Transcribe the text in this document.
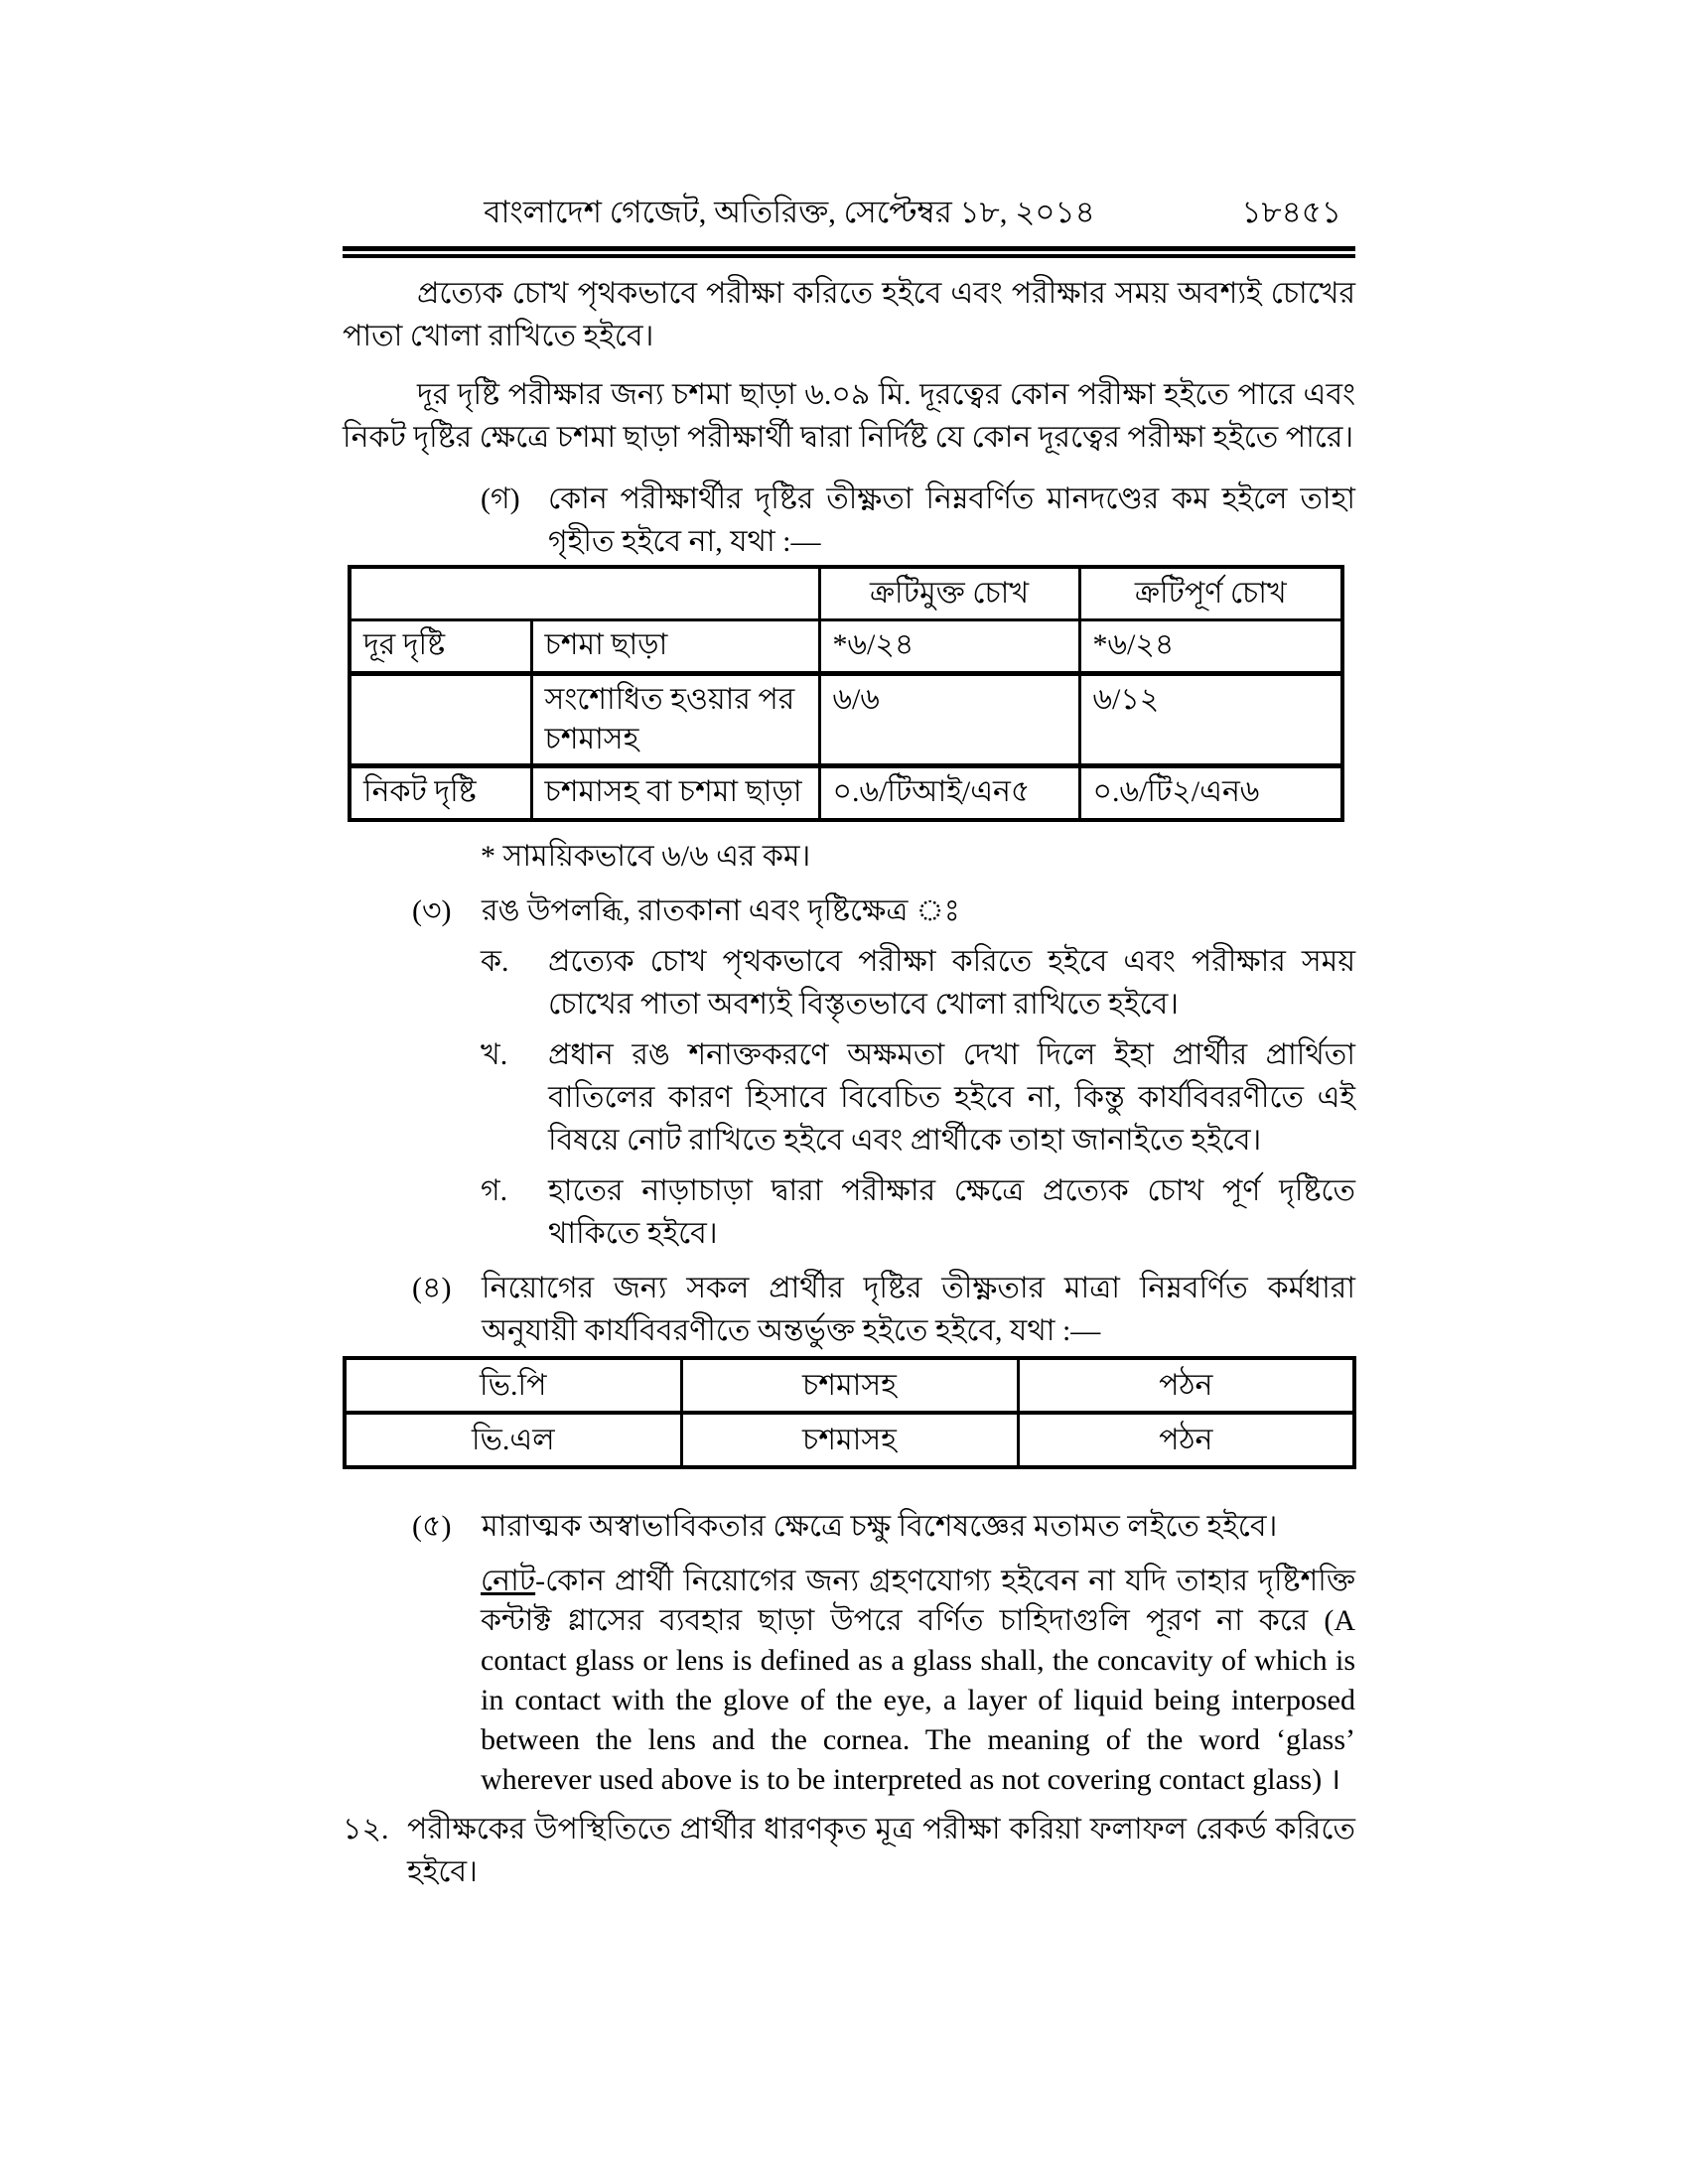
বাংলাদেশ গেজেট, অতিরিক্ত, সেপ্টেম্বর ১৮, ২০১৪	১৮৪৫১

প্রত্যেক চোখ পৃথকভাবে পরীক্ষা করিতে হইবে এবং পরীক্ষার সময় অবশ্যই চোখের পাতা খোলা রাখিতে হইবে।

দূর দৃষ্টি পরীক্ষার জন্য চশমা ছাড়া ৬.০৯ মি. দূরত্বের কোন পরীক্ষা হইতে পারে এবং নিকট দৃষ্টির ক্ষেত্রে চশমা ছাড়া পরীক্ষার্থী দ্বারা নির্দিষ্ট যে কোন দূরত্বের পরীক্ষা হইতে পারে।

(গ) কোন পরীক্ষার্থীর দৃষ্টির তীক্ষ্ণতা নিম্নবর্ণিত মানদণ্ডের কম হইলে তাহা গৃহীত হইবে না, যথা :—
		ক্রটিমুক্ত চোখ	ক্রটিপূর্ণ চোখ
দূর দৃষ্টি	চশমা ছাড়া	*৬/২৪	*৬/২৪
	সংশোধিত হওয়ার পর চশমাসহ	৬/৬	৬/১২
নিকট দৃষ্টি	চশমাসহ বা চশমা ছাড়া	০.৬/টিআই/এন৫	০.৬/টি২/এন৬

* সাময়িকভাবে ৬/৬ এর কম।

(৩)	রঙ উপলব্ধি, রাতকানা এবং দৃষ্টিক্ষেত্র ঃ
ক.	প্রত্যেক চোখ পৃথকভাবে পরীক্ষা করিতে হইবে এবং পরীক্ষার সময় চোখের পাতা অবশ্যই বিস্তৃতভাবে খোলা রাখিতে হইবে।
খ.	প্রধান রঙ শনাক্তকরণে অক্ষমতা দেখা দিলে ইহা প্রার্থীর প্রার্থিতা বাতিলের কারণ হিসাবে বিবেচিত হইবে না, কিন্তু কার্যবিবরণীতে এই বিষয়ে নোট রাখিতে হইবে এবং প্রার্থীকে তাহা জানাইতে হইবে।
গ.	হাতের নাড়াচাড়া দ্বারা পরীক্ষার ক্ষেত্রে প্রত্যেক চোখ পূর্ণ দৃষ্টিতে থাকিতে হইবে।
(৪)	নিয়োগের জন্য সকল প্রার্থীর দৃষ্টির তীক্ষ্ণতার মাত্রা নিম্নবর্ণিত কর্মধারা অনুযায়ী কার্যবিবরণীতে অন্তর্ভুক্ত হইতে হইবে, যথা :—
ভি.পি	চশমাসহ	পঠন
ভি.এল	চশমাসহ	পঠন
(৫)	মারাত্মক অস্বাভাবিকতার ক্ষেত্রে চক্ষু বিশেষজ্ঞের মতামত লইতে হইবে।

নোট-কোন প্রার্থী নিয়োগের জন্য গ্রহণযোগ্য হইবেন না যদি তাহার দৃষ্টিশক্তি কন্টাক্ট গ্লাসের ব্যবহার ছাড়া উপরে বর্ণিত চাহিদাগুলি পূরণ না করে (A contact glass or lens is defined as a glass shall, the concavity of which is in contact with the glove of the eye, a layer of liquid being interposed between the lens and the cornea. The meaning of the word ‘glass’ wherever used above is to be interpreted as not covering contact glass) ।

১২. পরীক্ষকের উপস্থিতিতে প্রার্থীর ধারণকৃত মূত্র পরীক্ষা করিয়া ফলাফল রেকর্ড করিতে হইবে।
